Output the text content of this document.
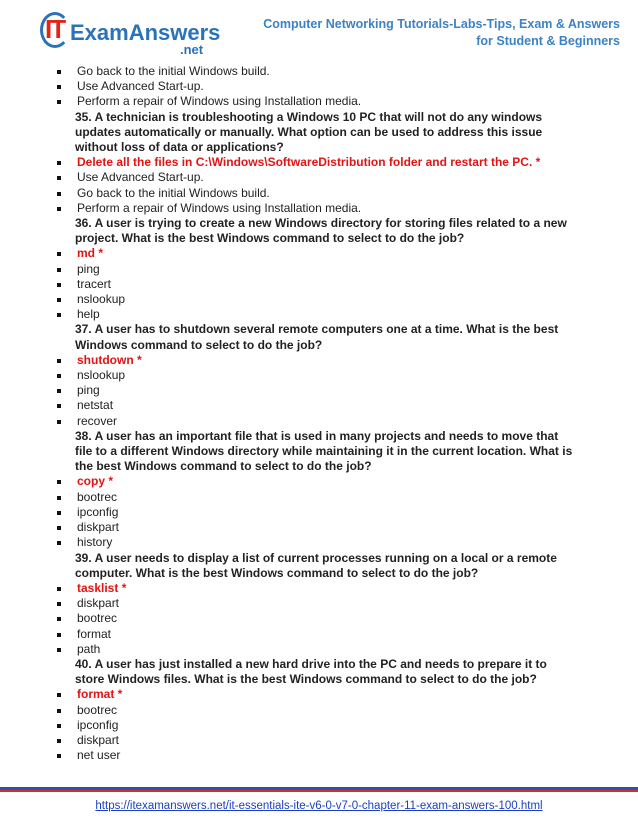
IT ExamAnswers
.net
Computer Networking Tutorials-Labs-Tips, Exam & Answers
for Student & Beginners
Go back to the initial Windows build.
Use Advanced Start-up.
Perform a repair of Windows using Installation media.
35. A technician is troubleshooting a Windows 10 PC that will not do any windows updates automatically or manually. What option can be used to address this issue without loss of data or applications?
Delete all the files in C:\Windows\SoftwareDistribution folder and restart the PC. *
Use Advanced Start-up.
Go back to the initial Windows build.
Perform a repair of Windows using Installation media.
36. A user is trying to create a new Windows directory for storing files related to a new project. What is the best Windows command to select to do the job?
md *
ping
tracert
nslookup
help
37. A user has to shutdown several remote computers one at a time. What is the best Windows command to select to do the job?
shutdown *
nslookup
ping
netstat
recover
38. A user has an important file that is used in many projects and needs to move that file to a different Windows directory while maintaining it in the current location. What is the best Windows command to select to do the job?
copy *
bootrec
ipconfig
diskpart
history
39. A user needs to display a list of current processes running on a local or a remote computer. What is the best Windows command to select to do the job?
tasklist *
diskpart
bootrec
format
path
40. A user has just installed a new hard drive into the PC and needs to prepare it to store Windows files. What is the best Windows command to select to do the job?
format *
bootrec
ipconfig
diskpart
net user
https://itexamanswers.net/it-essentials-ite-v6-0-v7-0-chapter-11-exam-answers-100.html
